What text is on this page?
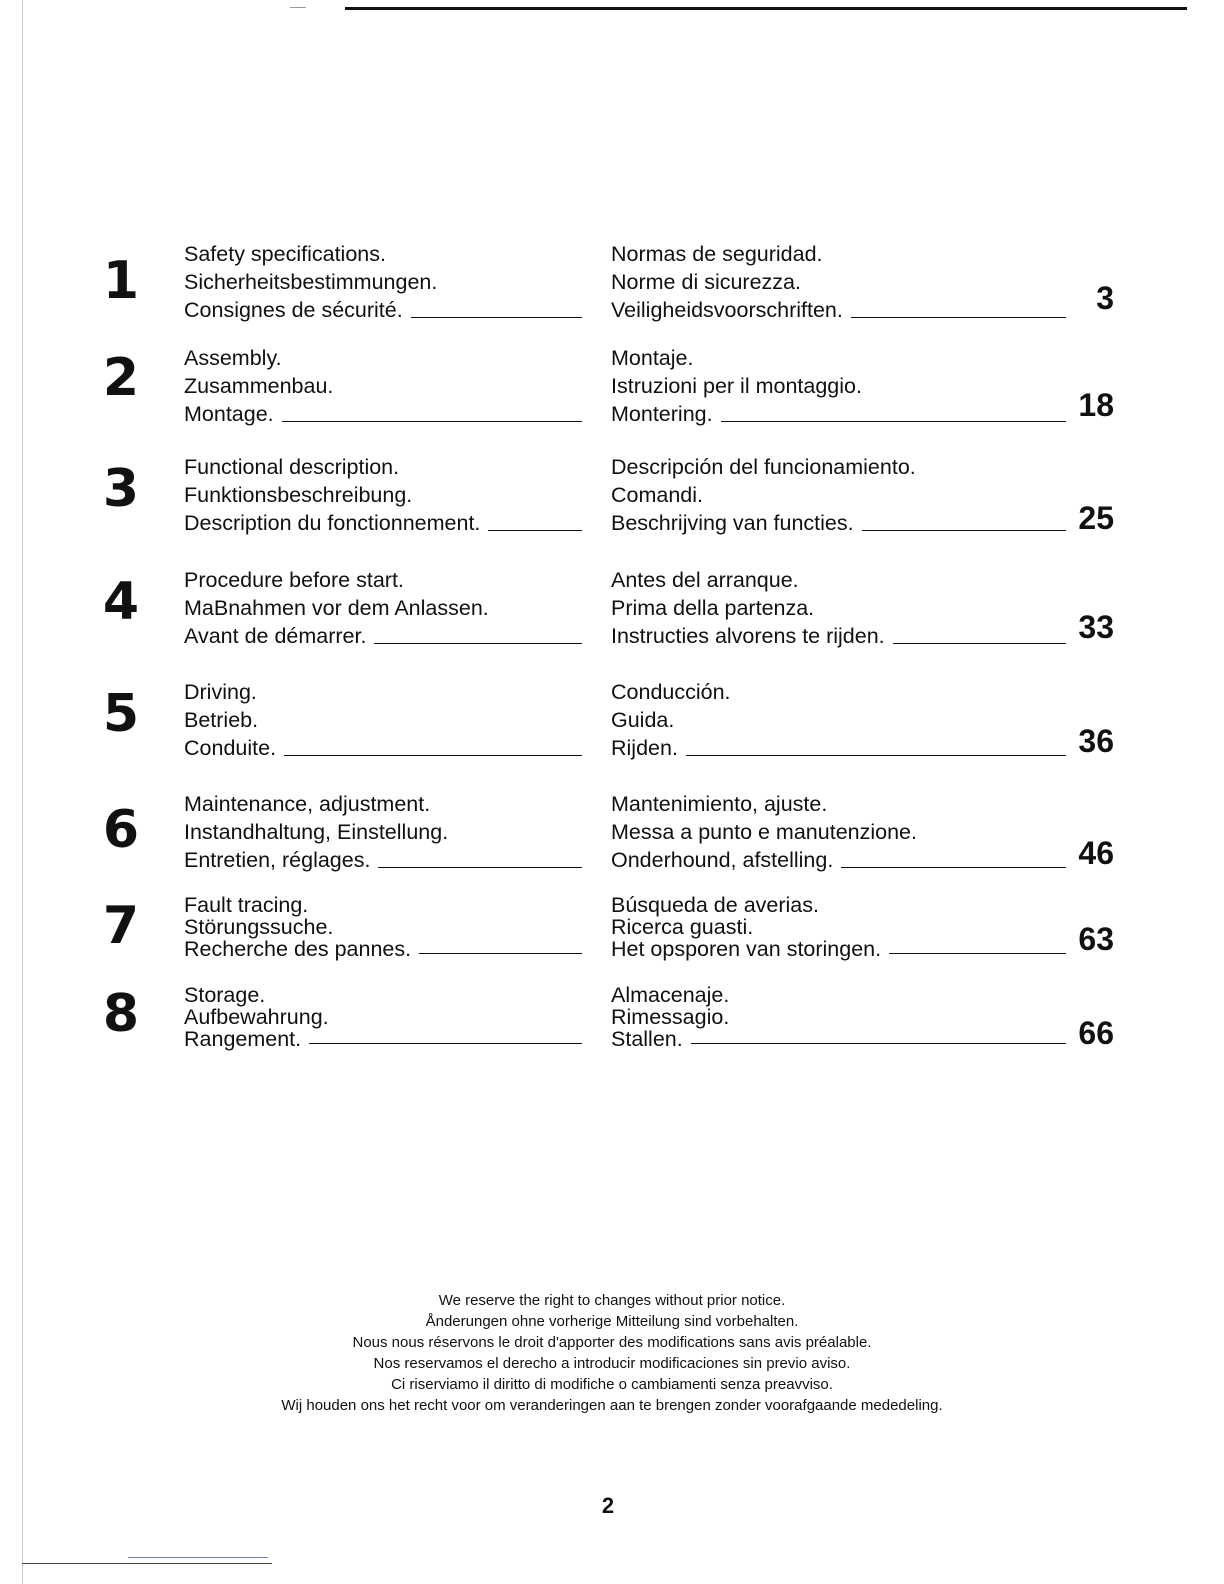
1 Safety specifications.
Sicherheitsbestimmungen.
Consignes de sécurité.
Normas de seguridad.
Norme di sicurezza.
Veiligheidsvoorschriften.	3
2 Assembly.
Zusammenbau.
Montage.
Montaje.
Istruzioni per il montaggio.
Montering.	18
3 Functional description.
Funktionsbeschreibung.
Description du fonctionnement.
Descripción del funcionamiento.
Comandi.
Beschrijving van functies.	25
4 Procedure before start.
MaBnahmen vor dem Anlassen.
Avant de démarrer.
Antes del arranque.
Prima della partenza.
Instructies alvorens te rijden.	33
5 Driving.
Betrieb.
Conduite.
Conducción.
Guida.
Rijden.	36
6 Maintenance, adjustment.
Instandhaltung, Einstellung.
Entretien, réglages.
Mantenimiento, ajuste.
Messa a punto e manutenzione.
Onderhound, afstelling.	46
7 Fault tracing.
Störungssuche.
Recherche des pannes.
Búsqueda de averias.
Ricerca guasti.
Het opsporen van storingen.	63
8 Storage.
Aufbewahrung.
Rangement.
Almacenaje.
Rimessagio.
Stallen.	66
We reserve the right to changes without prior notice.
Ånderungen ohne vorherige Mitteilung sind vorbehalten.
Nous nous réservons le droit d'apporter des modifications sans avis préalable.
Nos reservamos el derecho a introducir modificaciones sin previo aviso.
Ci riserviamo il diritto di modifiche o cambiamenti senza preavviso.
Wij houden ons het recht voor om veranderingen aan te brengen zonder voorafgaande mededeling.
2
